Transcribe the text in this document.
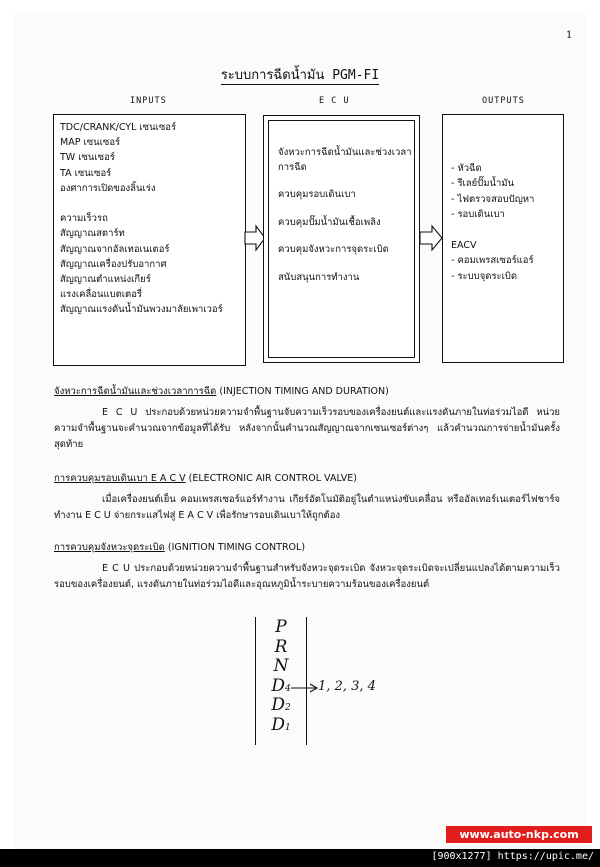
1
ระบบการฉีดน้ำมัน PGM-FI
INPUTS	E C U	OUTPUTS
TDC/CRANK/CYL เซนเซอร์
MAP เซนเซอร์
TW เซนเซอร์
TA เซนเซอร์
องศาการเปิดของลิ้นเร่ง

ความเร็วรถ
สัญญาณสตาร์ท
สัญญาณจากอัลเทอเนเตอร์
สัญญาณเครื่องปรับอากาศ
สัญญาณตำแหน่งเกียร์
แรงเคลื่อนแบตเตอรี่
สัญญาณแรงดันน้ำมันพวงมาลัยเพาเวอร์
จังหวะการฉีดน้ำมันและช่วงเวลาการฉีด
ควบคุมรอบเดินเบา
ควบคุมปั๊มน้ำมันเชื้อเพลิง
ควบคุมจังหวะการจุดระเบิด
สนับสนุนการทำงาน
- หัวฉีด
- รีเลย์ปั๊มน้ำมัน
- ไฟตรวจสอบปัญหา
- รอบเดินเบา

EACV
- คอมเพรสเซอร์แอร์
- ระบบจุดระเบิด
จังหวะการฉีดน้ำมันและช่วงเวลาการฉีด (INJECTION TIMING AND DURATION)
E C U ประกอบด้วยหน่วยความจำพื้นฐานจับความเร็วรอบของเครื่องยนต์และแรงดันภายในท่อร่วมไอดี หน่วยความจำพื้นฐานจะคำนวณจากข้อมูลที่ได้รับ หลังจากนั้นคำนวณสัญญาณจากเซนเซอร์ต่างๆ แล้วคำนวณการจ่ายน้ำมันครั้งสุดท้าย
การควบคุมรอบเดินเบา E A C V (ELECTRONIC AIR CONTROL VALVE)
เมื่อเครื่องยนต์เย็น คอมเพรสเซอร์แอร์ทำงาน เกียร์อัตโนมัติอยู่ในตำแหน่งขับเคลื่อน หรืออัลเทอร์เนเตอร์ไฟชาร์จทำงาน E C U จ่ายกระแสไฟสู่ E A C V เพื่อรักษารอบเดินเบาให้ถูกต้อง
การควบคุมจังหวะจุดระเบิด (IGNITION TIMING CONTROL)
E C U ประกอบด้วยหน่วยความจำพื้นฐานสำหรับจังหวะจุดระเบิด จังหวะจุดระเบิดจะเปลี่ยนแปลงได้ตามความเร็วรอบของเครื่องยนต์, แรงดันภายในท่อร่วมไอดีและอุณหภูมิน้ำระบายความร้อนของเครื่องยนต์
P
R
N
D4
D2
D1
1, 2, 3, 4
www.auto-nkp.com
[900x1277] https://upic.me/
